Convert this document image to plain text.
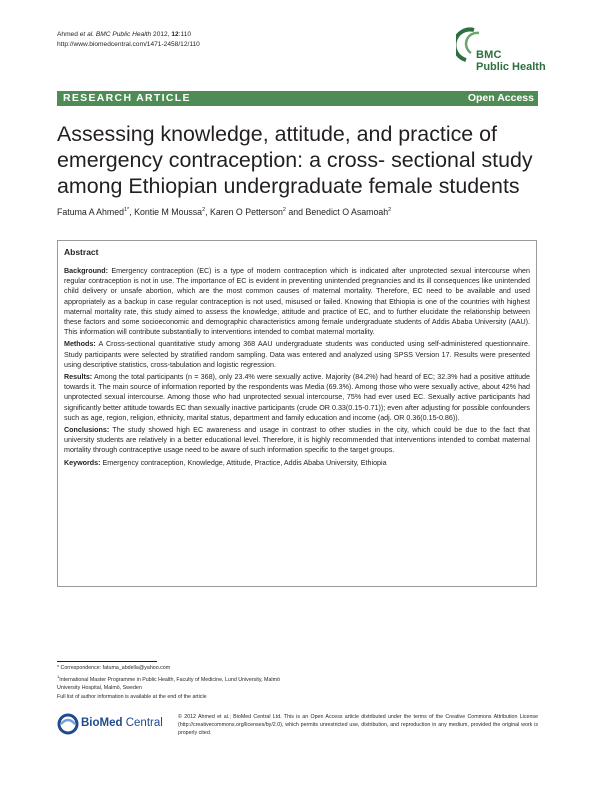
Ahmed et al. BMC Public Health 2012, 12:110
http://www.biomedcentral.com/1471-2458/12/110
BMC
Public Health
RESEARCH ARTICLE	Open Access
Assessing knowledge, attitude, and practice of emergency contraception: a cross- sectional study among Ethiopian undergraduate female students
Fatuma A Ahmed$^{1*}$, Kontie M Moussa$^2$, Karen O Petterson$^2$ and Benedict O Asamoah$^2$
Abstract

Background: Emergency contraception (EC) is a type of modern contraception which is indicated after unprotected sexual intercourse when regular contraception is not in use. The importance of EC is evident in preventing unintended pregnancies and its ill consequences like unintended child delivery or unsafe abortion, which are the most common causes of maternal mortality. Therefore, EC need to be available and used appropriately as a backup in case regular contraception is not used, misused or failed. Knowing that Ethiopia is one of the countries with highest maternal mortality rate, this study aimed to assess the knowledge, attitude and practice of EC, and to further elucidate the relationship between these factors and some socioeconomic and demographic characteristics among female undergraduate students of Addis Ababa University (AAU). This information will contribute substantially to interventions intended to combat maternal mortality.

Methods: A Cross-sectional quantitative study among 368 AAU undergraduate students was conducted using self-administered questionnaire. Study participants were selected by stratified random sampling. Data was entered and analyzed using SPSS Version 17. Results were presented using descriptive statistics, cross-tabulation and logistic regression.

Results: Among the total participants (n = 368), only 23.4% were sexually active. Majority (84.2%) had heard of EC; 32.3% had a positive attitude towards it. The main source of information reported by the respondents was Media (69.3%). Among those who were sexually active, about 42% had unprotected sexual intercourse. Among those who had unprotected sexual intercourse, 75% had ever used EC. Sexually active participants had significantly better attitude towards EC than sexually inactive participants (crude OR 0.33(0.15-0.71)); even after adjusting for possible confounders such as age, region, religion, ethnicity, marital status, department and family education and income (adj. OR 0.36(0.15-0.86)).

Conclusions: The study showed high EC awareness and usage in contrast to other studies in the city, which could be due to the fact that university students are relatively in a better educational level. Therefore, it is highly recommended that interventions intended to combat maternal mortality through contraceptive usage need to be aware of such information specific to the target groups.

Keywords: Emergency contraception, Knowledge, Attitude, Practice, Addis Ababa University, Ethiopia

* Correspondence: fatuma_abdella@yahoo.com
$^1$International Master Programme in Public Health, Faculty of Medicine, Lund University, Malmö University Hospital, Malmö, Sweden
Full list of author information is available at the end of the article
BioMed Central	© 2012 Ahmed et al.; BioMed Central Ltd. This is an Open Access article distributed under the terms of the Creative Commons Attribution License (http://creativecommons.org/licenses/by/2.0), which permits unrestricted use, distribution, and reproduction in any medium, provided the original work is properly cited.
